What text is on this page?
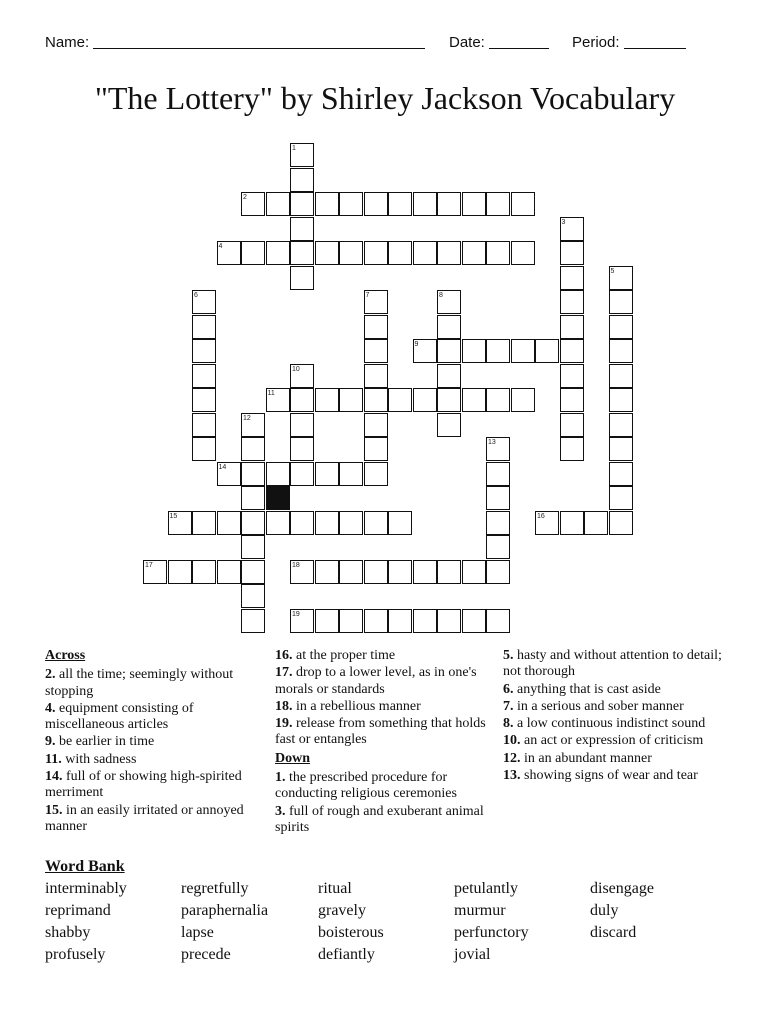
Name:	Date:	Period:
"The Lottery" by Shirley Jackson Vocabulary
2
4
9
11
14
15	16
17	18
19
1
3
5
6	7	8
10
12
13
Across
2. all the time; seemingly without stopping
4. equipment consisting of miscellaneous articles
9. be earlier in time
11. with sadness
14. full of or showing high-spirited merriment
15. in an easily irritated or annoyed manner
16. at the proper time
17. drop to a lower level, as in one's morals or standards
18. in a rebellious manner
19. release from something that holds fast or entangles
Down
1. the prescribed procedure for conducting religious ceremonies
3. full of rough and exuberant animal spirits
5. hasty and without attention to detail; not thorough
6. anything that is cast aside
7. in a serious and sober manner
8. a low continuous indistinct sound
10. an act or expression of criticism
12. in an abundant manner
13. showing signs of wear and tear
Word Bank
interminably	regretfully	ritual	petulantly	disengage
reprimand	paraphernalia	gravely	murmur	duly
shabby	lapse	boisterous	perfunctory	discard
profusely	precede	defiantly	jovial
